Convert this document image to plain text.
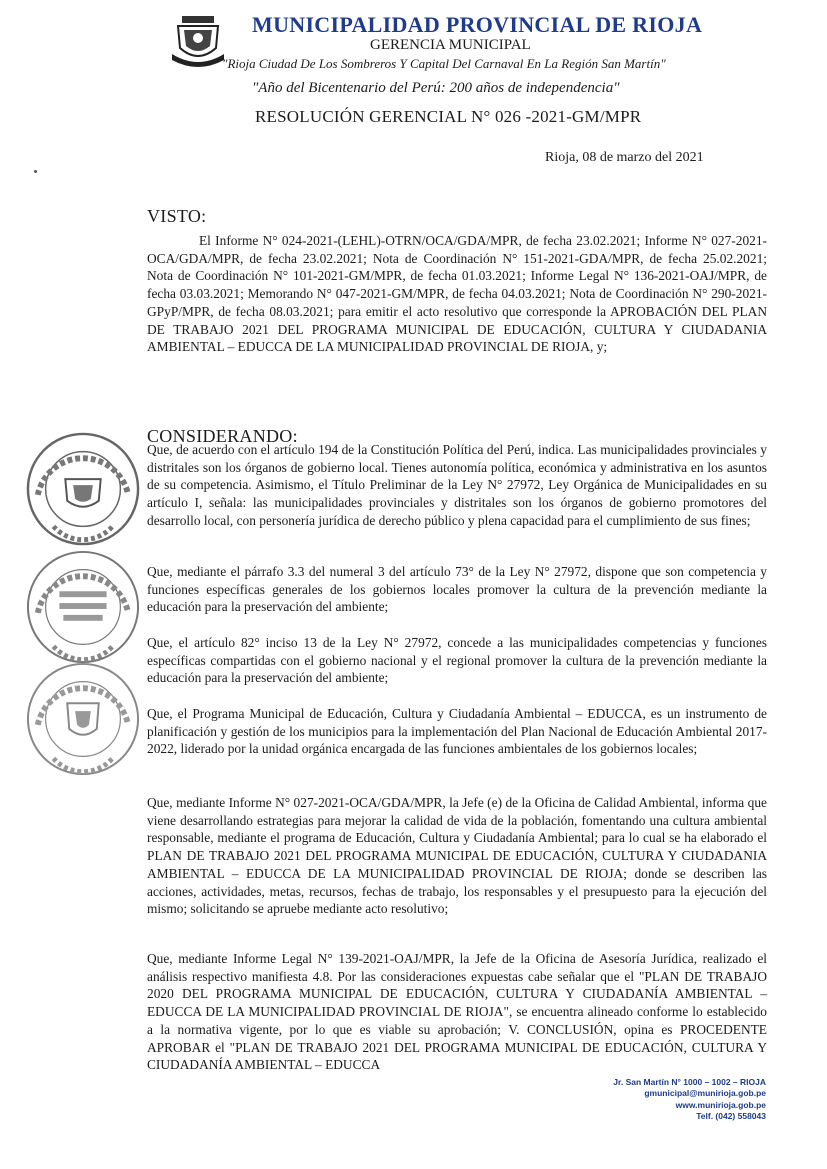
MUNICIPALIDAD PROVINCIAL DE RIOJA
GERENCIA MUNICIPAL
"Rioja Ciudad De Los Sombreros Y Capital Del Carnaval En La Región San Martín"
"Año del Bicentenario del Perú: 200 años de independencia"
RESOLUCIÓN GERENCIAL N° 026 -2021-GM/MPR
Rioja, 08 de marzo del 2021
VISTO:
El Informe N° 024-2021-(LEHL)-OTRN/OCA/GDA/MPR, de fecha 23.02.2021; Informe N° 027-2021-OCA/GDA/MPR, de fecha 23.02.2021; Nota de Coordinación N° 151-2021-GDA/MPR, de fecha 25.02.2021; Nota de Coordinación N° 101-2021-GM/MPR, de fecha 01.03.2021; Informe Legal N° 136-2021-OAJ/MPR, de fecha 03.03.2021; Memorando N° 047-2021-GM/MPR, de fecha 04.03.2021; Nota de Coordinación N° 290-2021-GPyP/MPR, de fecha 08.03.2021; para emitir el acto resolutivo que corresponde la APROBACIÓN DEL PLAN DE TRABAJO 2021 DEL PROGRAMA MUNICIPAL DE EDUCACIÓN, CULTURA Y CIUDADANIA AMBIENTAL – EDUCCA DE LA MUNICIPALIDAD PROVINCIAL DE RIOJA, y;
CONSIDERANDO:
Que, de acuerdo con el artículo 194 de la Constitución Política del Perú, indica. Las municipalidades provinciales y distritales son los órganos de gobierno local. Tienes autonomía política, económica y administrativa en los asuntos de su competencia. Asimismo, el Título Preliminar de la Ley N° 27972, Ley Orgánica de Municipalidades en su artículo I, señala: las municipalidades provinciales y distritales son los órganos de gobierno promotores del desarrollo local, con personería jurídica de derecho público y plena capacidad para el cumplimiento de sus fines;
Que, mediante el párrafo 3.3 del numeral 3 del artículo 73° de la Ley N° 27972, dispone que son competencia y funciones específicas generales de los gobiernos locales promover la cultura de la prevención mediante la educación para la preservación del ambiente;
Que, el artículo 82° inciso 13 de la Ley N° 27972, concede a las municipalidades competencias y funciones específicas compartidas con el gobierno nacional y el regional promover la cultura de la prevención mediante la educación para la preservación del ambiente;
Que, el Programa Municipal de Educación, Cultura y Ciudadanía Ambiental – EDUCCA, es un instrumento de planificación y gestión de los municipios para la implementación del Plan Nacional de Educación Ambiental 2017-2022, liderado por la unidad orgánica encargada de las funciones ambientales de los gobiernos locales;
Que, mediante Informe N° 027-2021-OCA/GDA/MPR, la Jefe (e) de la Oficina de Calidad Ambiental, informa que viene desarrollando estrategias para mejorar la calidad de vida de la población, fomentando una cultura ambiental responsable, mediante el programa de Educación, Cultura y Ciudadanía Ambiental; para lo cual se ha elaborado el PLAN DE TRABAJO 2021 DEL PROGRAMA MUNICIPAL DE EDUCACIÓN, CULTURA Y CIUDADANIA AMBIENTAL – EDUCCA DE LA MUNICIPALIDAD PROVINCIAL DE RIOJA; donde se describen las acciones, actividades, metas, recursos, fechas de trabajo, los responsables y el presupuesto para la ejecución del mismo; solicitando se apruebe mediante acto resolutivo;
Que, mediante Informe Legal N° 139-2021-OAJ/MPR, la Jefe de la Oficina de Asesoría Jurídica, realizado el análisis respectivo manifiesta 4.8. Por las consideraciones expuestas cabe señalar que el "PLAN DE TRABAJO 2020 DEL PROGRAMA MUNICIPAL DE EDUCACIÓN, CULTURA Y CIUDADANÍA AMBIENTAL – EDUCCA DE LA MUNICIPALIDAD PROVINCIAL DE RIOJA", se encuentra alineado conforme lo establecido a la normativa vigente, por lo que es viable su aprobación; V. CONCLUSIÓN, opina es PROCEDENTE APROBAR el "PLAN DE TRABAJO 2021 DEL PROGRAMA MUNICIPAL DE EDUCACIÓN, CULTURA Y CIUDADANÍA AMBIENTAL – EDUCCA
Jr. San Martín N° 1000 – 1002 – RIOJA
gmunicipal@munirioja.gob.pe
www.munirioja.gob.pe
Telf. (042) 558043
